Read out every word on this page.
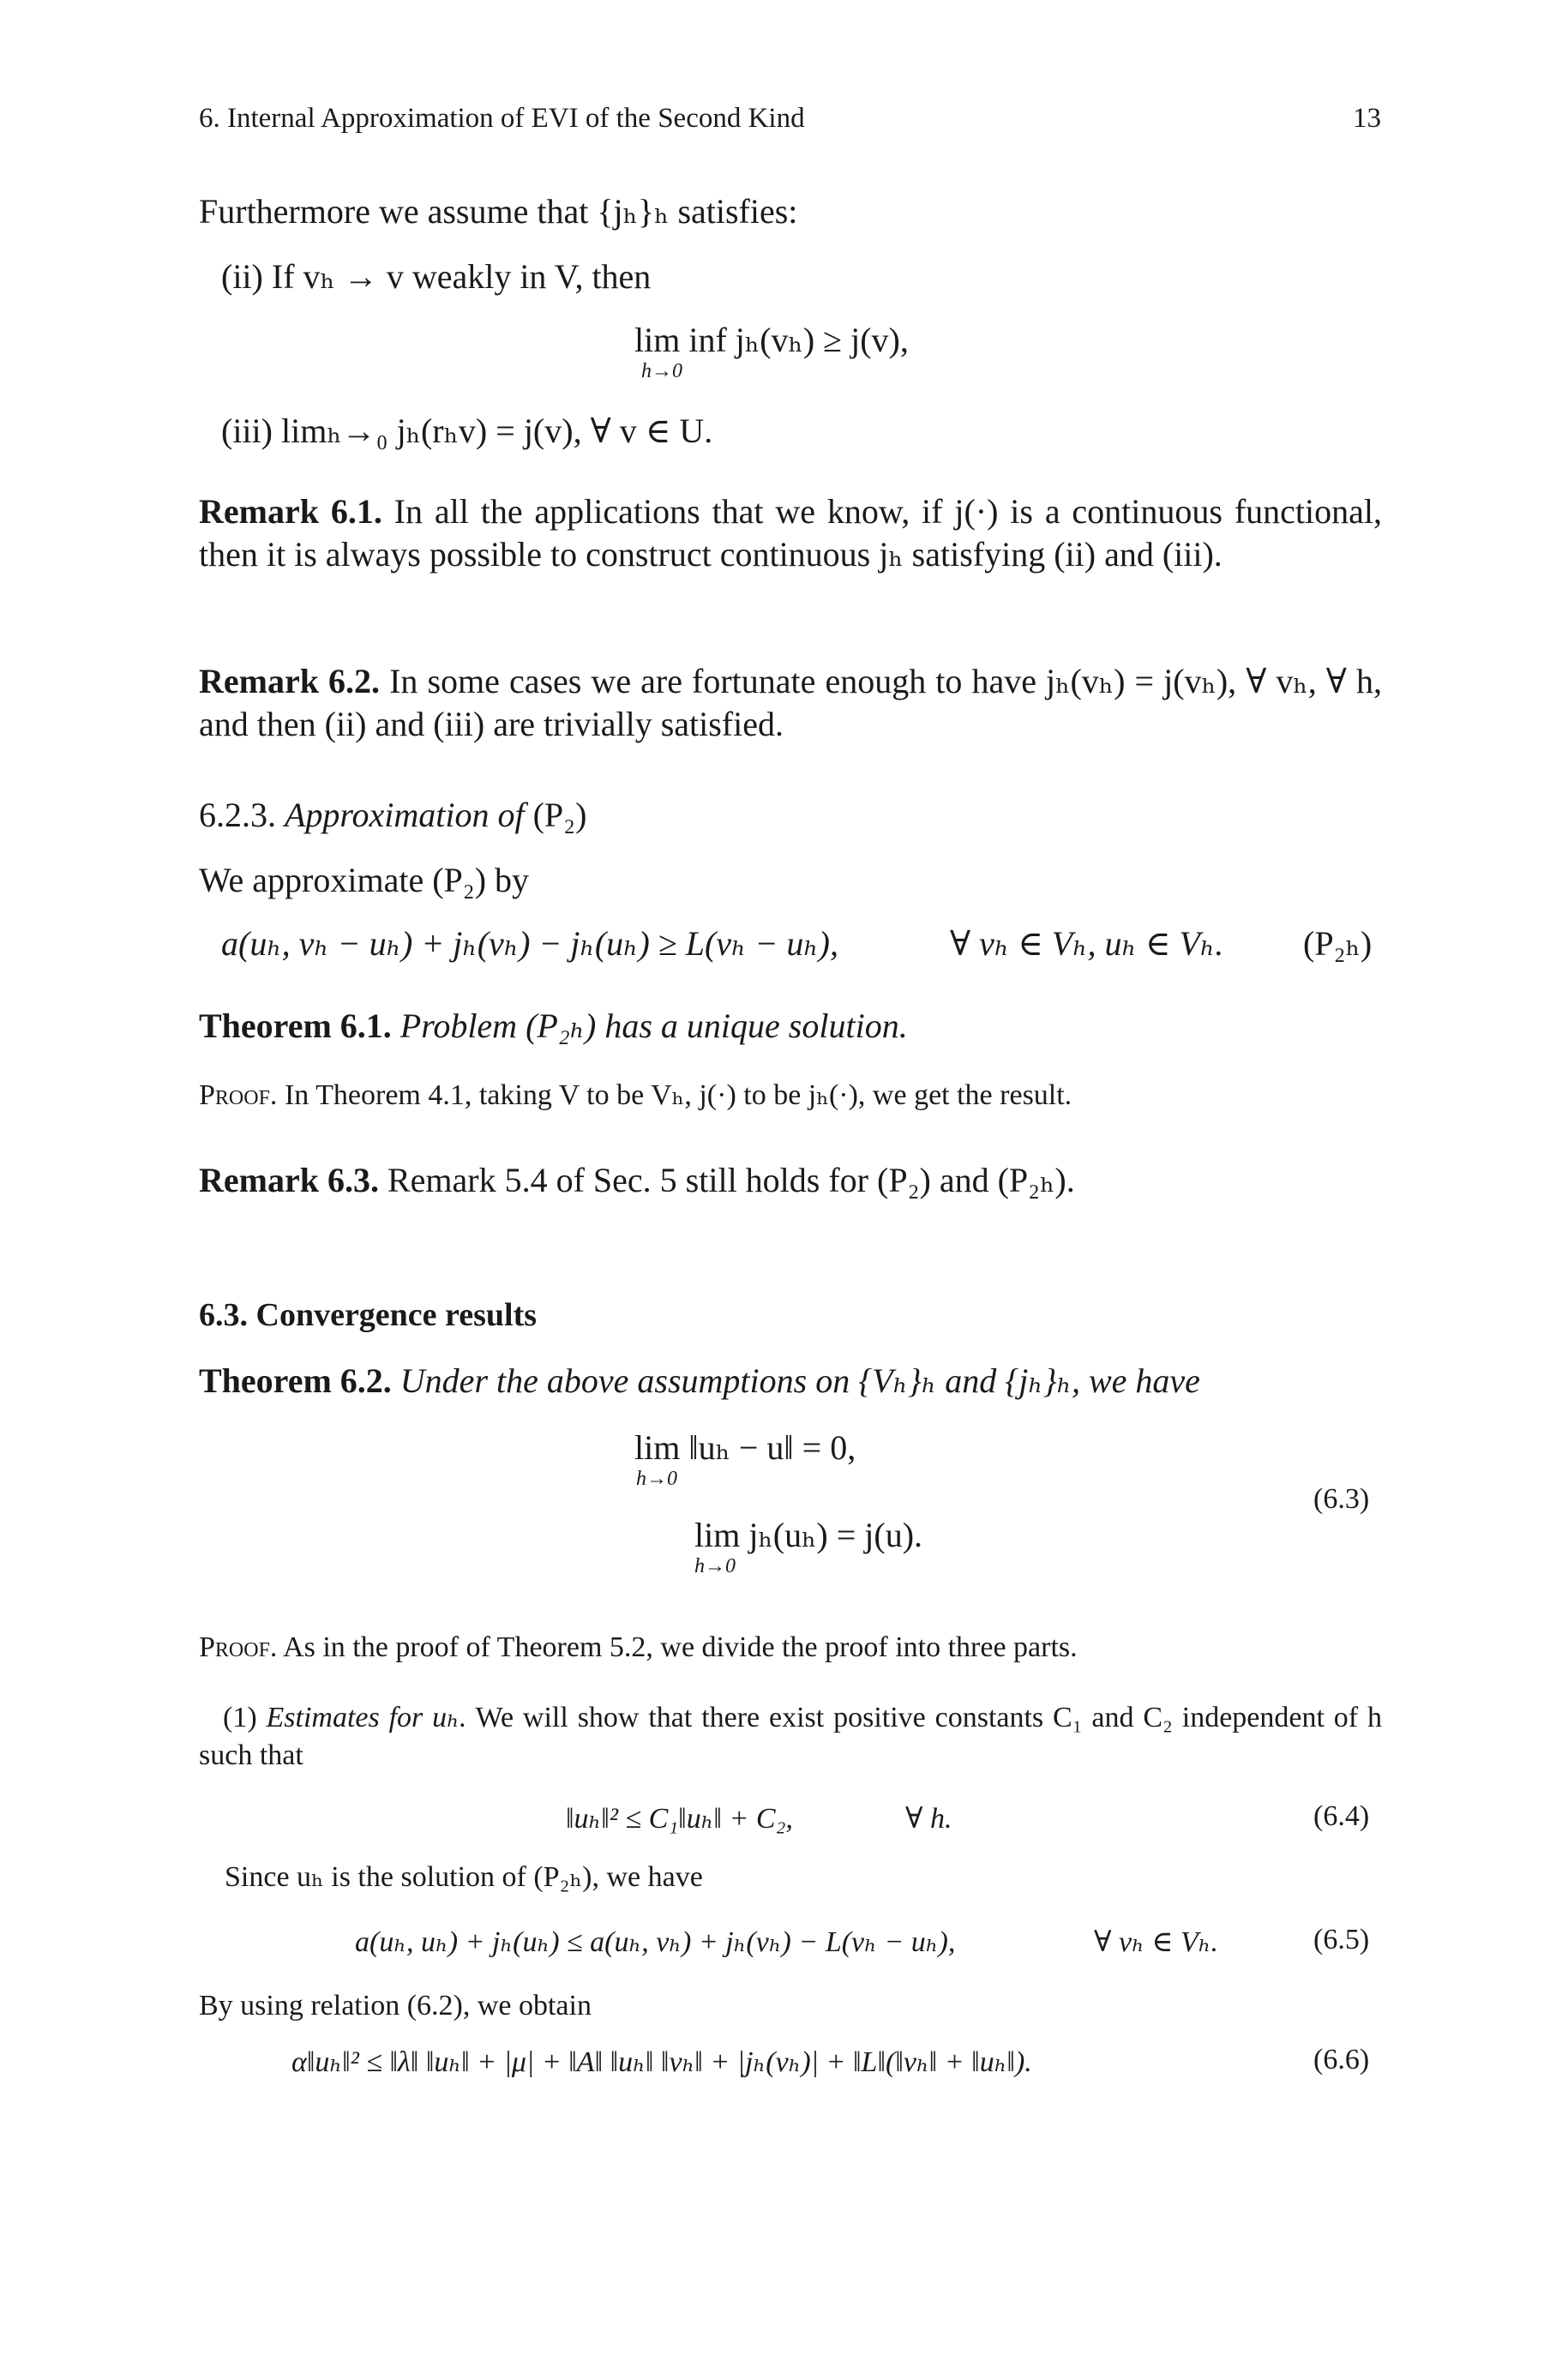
6. Internal Approximation of EVI of the Second Kind	13
Furthermore we assume that {jₕ}ₕ satisfies:
(ii) If vₕ → v weakly in V, then
lim inf jₕ(vₕ) ≥ j(v),
h→0
(iii) limₕ→₀ jₕ(rₕv) = j(v), ∀ v ∈ U.
Remark 6.1. In all the applications that we know, if j(·) is a continuous functional, then it is always possible to construct continuous jₕ satisfying (ii) and (iii).
Remark 6.2. In some cases we are fortunate enough to have jₕ(vₕ) = j(vₕ), ∀ vₕ, ∀ h, and then (ii) and (iii) are trivially satisfied.
6.2.3. Approximation of (P₂)
We approximate (P₂) by
a(uₕ, vₕ − uₕ) + jₕ(vₕ) − jₕ(uₕ) ≥ L(vₕ − uₕ),	∀ vₕ ∈ Vₕ, uₕ ∈ Vₕ. (P₂ₕ)
Theorem 6.1. Problem (P₂ₕ) has a unique solution.
Proof. In Theorem 4.1, taking V to be Vₕ, j(·) to be jₕ(·), we get the result.
Remark 6.3. Remark 5.4 of Sec. 5 still holds for (P₂) and (P₂ₕ).
6.3. Convergence results
Theorem 6.2. Under the above assumptions on {Vₕ}ₕ and {jₕ}ₕ, we have
lim ‖uₕ − u‖ = 0,
h→0
lim jₕ(uₕ) = j(u).
h→0
(6.3)
Proof. As in the proof of Theorem 5.2, we divide the proof into three parts.
(1) Estimates for uₕ. We will show that there exist positive constants C₁ and C₂ independent of h such that
‖uₕ‖² ≤ C₁‖uₕ‖ + C₂,	∀ h.	(6.4)
Since uₕ is the solution of (P₂ₕ), we have
a(uₕ, uₕ) + jₕ(uₕ) ≤ a(uₕ, vₕ) + jₕ(vₕ) − L(vₕ − uₕ),	∀ vₕ ∈ Vₕ.	(6.5)
By using relation (6.2), we obtain
α‖uₕ‖² ≤ ‖λ‖ ‖uₕ‖ + |μ| + ‖A‖ ‖uₕ‖ ‖vₕ‖ + |jₕ(vₕ)| + ‖L‖(‖vₕ‖ + ‖uₕ‖).	(6.6)
